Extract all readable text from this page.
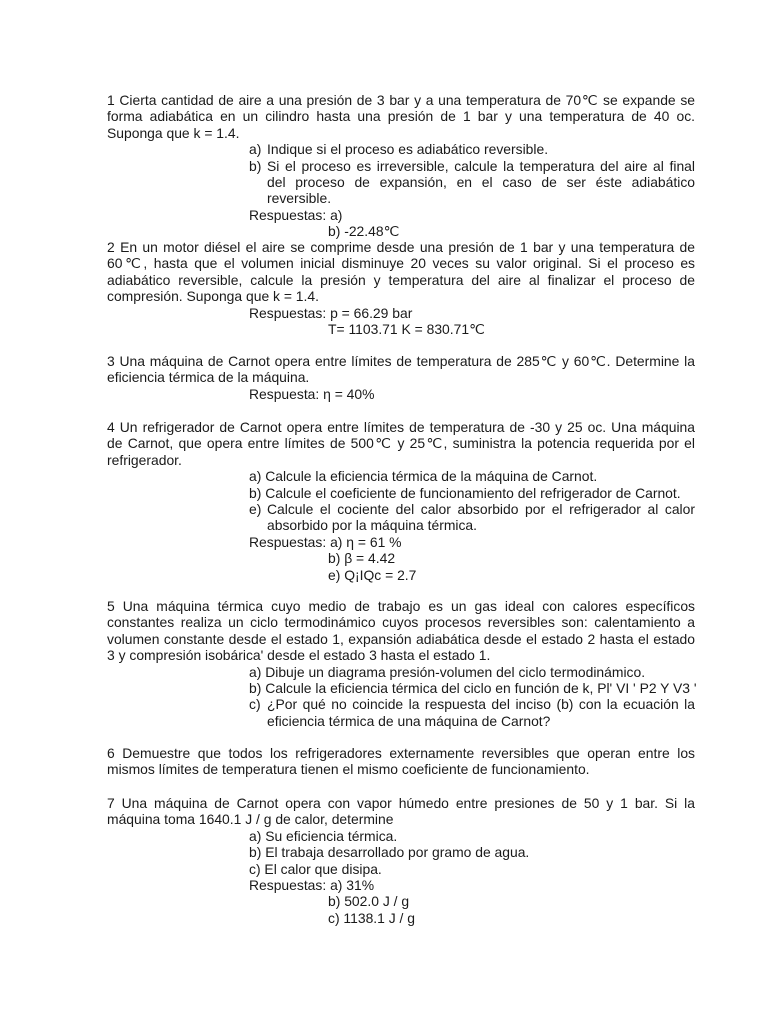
1 Cierta cantidad de aire a una presión de 3 bar y a una temperatura de 70℃ se expande se forma adiabática en un cilindro hasta una presión de 1 bar y una temperatura de 40 oc. Suponga que k = 1.4.
a) Indique si el proceso es adiabático reversible.
b) Si el proceso es irreversible, calcule la temperatura del aire al final del proceso de expansión, en el caso de ser éste adiabático reversible.
Respuestas: a)
b) -22.48℃
2 En un motor diésel el aire se comprime desde una presión de 1 bar y una temperatura de 60℃, hasta que el volumen inicial disminuye 20 veces su valor original. Si el proceso es adiabático reversible, calcule la presión y temperatura del aire al finalizar el proceso de compresión. Suponga que k = 1.4.
Respuestas: p = 66.29 bar
T= 1103.71 K = 830.71℃
3 Una máquina de Carnot opera entre límites de temperatura de 285℃ y 60℃. Determine la eficiencia térmica de la máquina.
Respuesta: η = 40%
4 Un refrigerador de Carnot opera entre límites de temperatura de -30 y 25 oc. Una máquina de Carnot, que opera entre límites de 500℃ y 25℃, suministra la potencia requerida por el refrigerador.
a) Calcule la eficiencia térmica de la máquina de Carnot.
b) Calcule el coeficiente de funcionamiento del refrigerador de Carnot.
e) Calcule el cociente del calor absorbido por el refrigerador al calor absorbido por la máquina térmica.
Respuestas: a) η = 61 %
b) β = 4.42
e) Q¡IQc = 2.7
5 Una máquina térmica cuyo medio de trabajo es un gas ideal con calores específicos constantes realiza un ciclo termodinámico cuyos procesos reversibles son: calentamiento a volumen constante desde el estado 1, expansión adiabática desde el estado 2 hasta el estado 3 y compresión isobárica' desde el estado 3 hasta el estado 1.
a) Dibuje un diagrama presión-volumen del ciclo termodinámico.
b) Calcule la eficiencia térmica del ciclo en función de k, Pl' VI ' P2 Y V3 '
c) ¿Por qué no coincide la respuesta del inciso (b) con la ecuación la eficiencia térmica de una máquina de Carnot?
6 Demuestre que todos los refrigeradores externamente reversibles que operan entre los mismos límites de temperatura tienen el mismo coeficiente de funcionamiento.
7 Una máquina de Carnot opera con vapor húmedo entre presiones de 50 y 1 bar. Si la máquina toma 1640.1 J / g de calor, determine
a) Su eficiencia térmica.
b) El trabaja desarrollado por gramo de agua.
c) El calor que disipa.
Respuestas: a) 31%
b) 502.0 J / g
c) 1138.1 J / g
